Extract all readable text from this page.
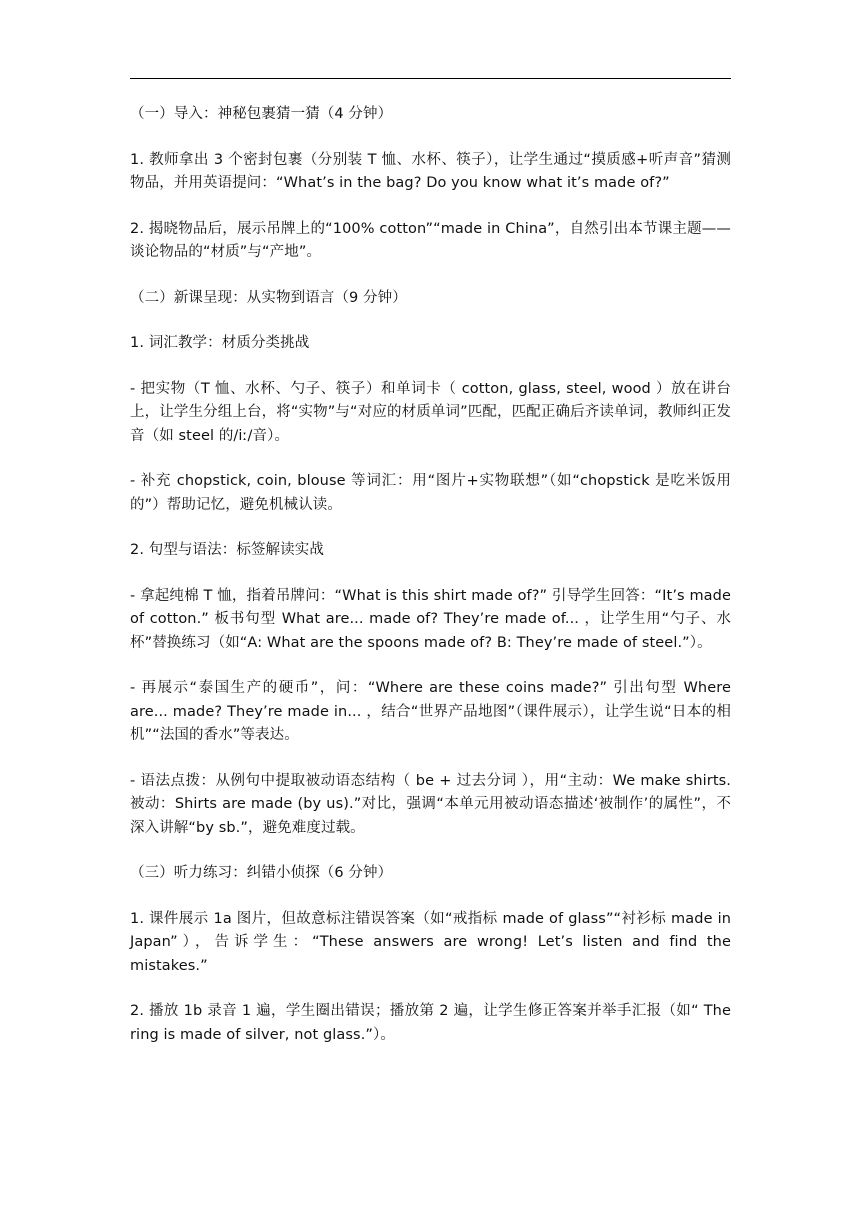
（一）导入：神秘包裹猜一猜（4 分钟）

1. 教师拿出 3 个密封包裹（分别装 T 恤、水杯、筷子），让学生通过“摸质感+听声音”猜测物品，并用英语提问：“What’s in the bag? Do you know what it’s made of?”

2. 揭晓物品后，展示吊牌上的“100% cotton”“made in China”，自然引出本节课主题——谈论物品的“材质”与“产地”。

（二）新课呈现：从实物到语言（9 分钟）

1. 词汇教学：材质分类挑战

- 把实物（T 恤、水杯、勺子、筷子）和单词卡（ cotton, glass, steel, wood ）放在讲台上，让学生分组上台，将“实物”与“对应的材质单词”匹配，匹配正确后齐读单词，教师纠正发音（如 steel 的/iː/音）。

- 补充 chopstick, coin, blouse 等词汇：用“图片+实物联想”（如“chopstick 是吃米饭用的”）帮助记忆，避免机械认读。

2. 句型与语法：标签解读实战

- 拿起纯棉 T 恤，指着吊牌问：“What is this shirt made of?” 引导学生回答：“It’s made of cotton.” 板书句型 What are... made of? They’re made of... ，让学生用“勺子、水杯”替换练习（如“A: What are the spoons made of? B: They’re made of steel.”）。

- 再展示“泰国生产的硬币”，问：“Where are these coins made?” 引出句型 Where are... made? They’re made in... ，结合“世界产品地图”（课件展示），让学生说“日本的相机”“法国的香水”等表达。

- 语法点拨：从例句中提取被动语态结构（ be + 过去分词 ），用“主动：We make shirts. 被动：Shirts are made (by us).”对比，强调“本单元用被动语态描述‘被制作’的属性”，不深入讲解“by sb.”，避免难度过载。

（三）听力练习：纠错小侦探（6 分钟）

1. 课件展示 1a 图片，但故意标注错误答案（如“戒指标 made of glass”“衬衫标 made in Japan”），告诉学生：“These answers are wrong! Let’s listen and find the mistakes.”

2. 播放 1b 录音 1 遍，学生圈出错误；播放第 2 遍，让学生修正答案并举手汇报（如“ The ring is made of silver, not glass.”）。
